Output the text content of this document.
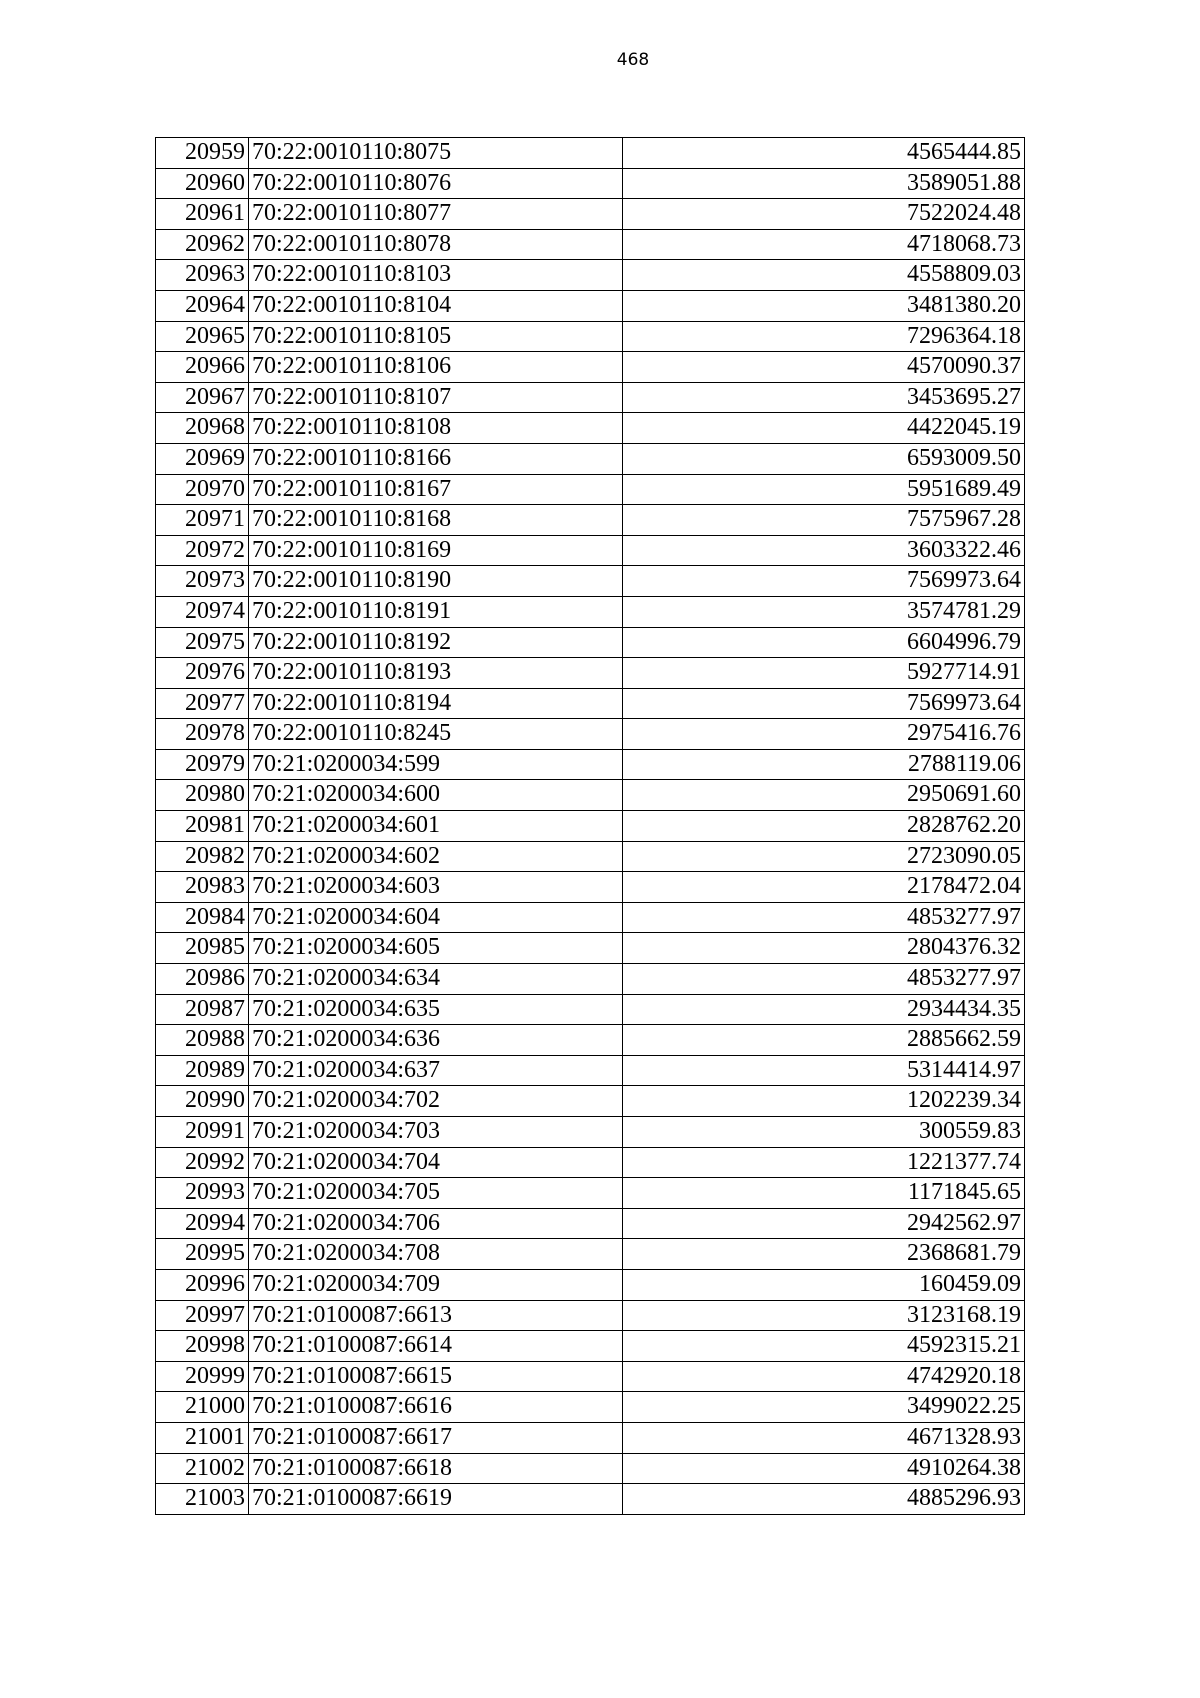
468
20959	70:22:0010110:8075	4565444.85
20960	70:22:0010110:8076	3589051.88
20961	70:22:0010110:8077	7522024.48
20962	70:22:0010110:8078	4718068.73
20963	70:22:0010110:8103	4558809.03
20964	70:22:0010110:8104	3481380.20
20965	70:22:0010110:8105	7296364.18
20966	70:22:0010110:8106	4570090.37
20967	70:22:0010110:8107	3453695.27
20968	70:22:0010110:8108	4422045.19
20969	70:22:0010110:8166	6593009.50
20970	70:22:0010110:8167	5951689.49
20971	70:22:0010110:8168	7575967.28
20972	70:22:0010110:8169	3603322.46
20973	70:22:0010110:8190	7569973.64
20974	70:22:0010110:8191	3574781.29
20975	70:22:0010110:8192	6604996.79
20976	70:22:0010110:8193	5927714.91
20977	70:22:0010110:8194	7569973.64
20978	70:22:0010110:8245	2975416.76
20979	70:21:0200034:599	2788119.06
20980	70:21:0200034:600	2950691.60
20981	70:21:0200034:601	2828762.20
20982	70:21:0200034:602	2723090.05
20983	70:21:0200034:603	2178472.04
20984	70:21:0200034:604	4853277.97
20985	70:21:0200034:605	2804376.32
20986	70:21:0200034:634	4853277.97
20987	70:21:0200034:635	2934434.35
20988	70:21:0200034:636	2885662.59
20989	70:21:0200034:637	5314414.97
20990	70:21:0200034:702	1202239.34
20991	70:21:0200034:703	300559.83
20992	70:21:0200034:704	1221377.74
20993	70:21:0200034:705	1171845.65
20994	70:21:0200034:706	2942562.97
20995	70:21:0200034:708	2368681.79
20996	70:21:0200034:709	160459.09
20997	70:21:0100087:6613	3123168.19
20998	70:21:0100087:6614	4592315.21
20999	70:21:0100087:6615	4742920.18
21000	70:21:0100087:6616	3499022.25
21001	70:21:0100087:6617	4671328.93
21002	70:21:0100087:6618	4910264.38
21003	70:21:0100087:6619	4885296.93
